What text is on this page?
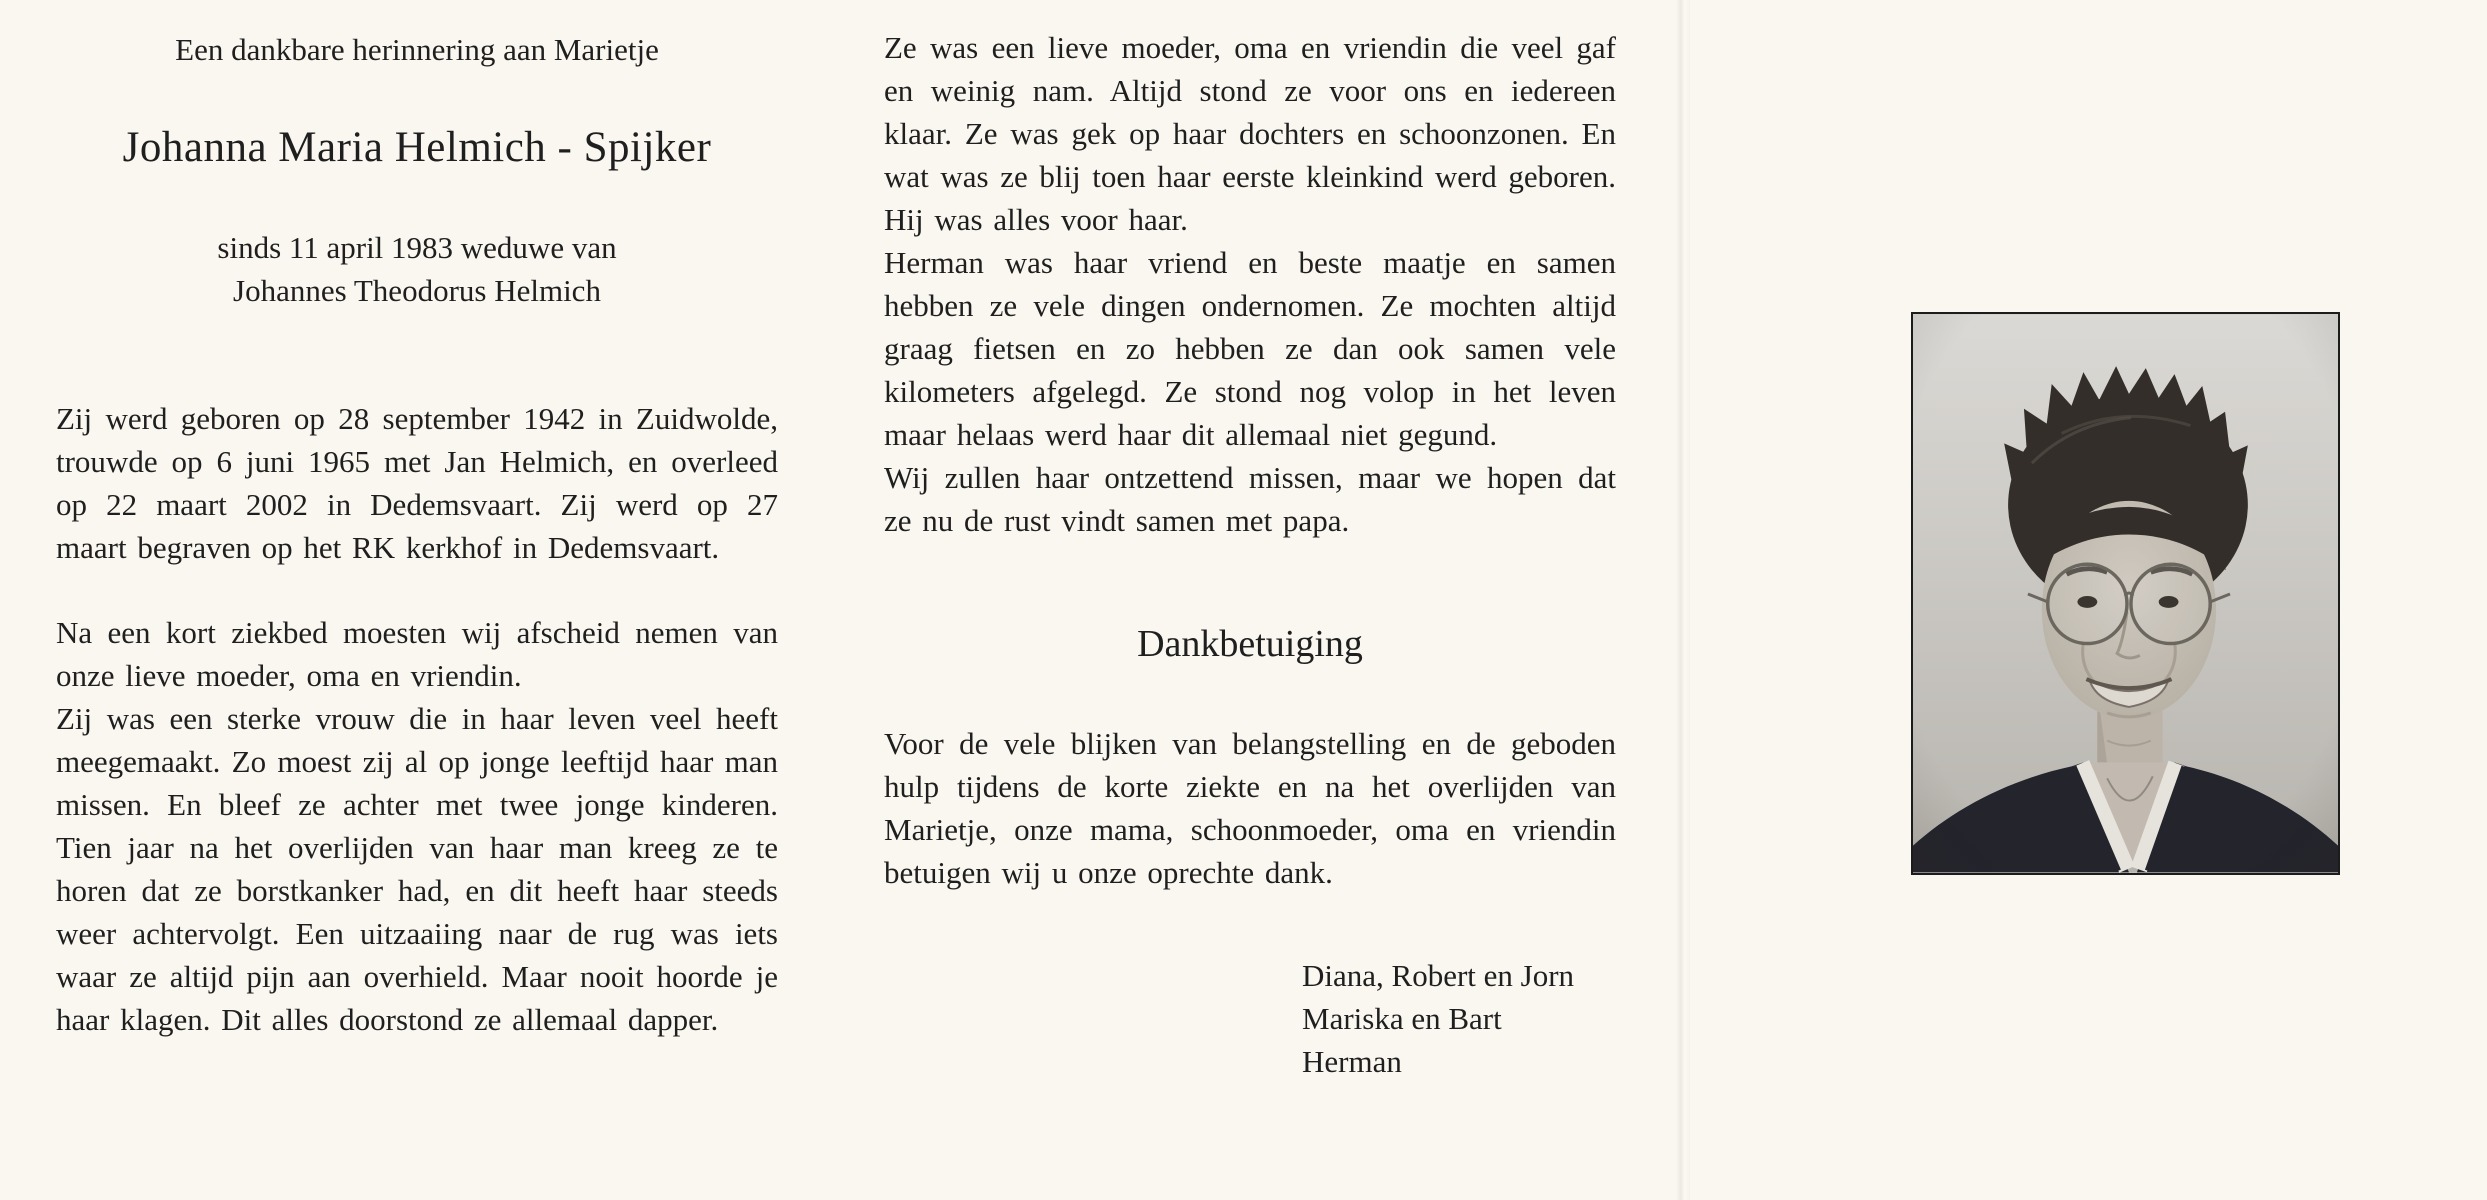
Een dankbare herinnering aan Marietje

Johanna Maria Helmich - Spijker

sinds 11 april 1983 weduwe van
Johannes Theodorus Helmich

Zij werd geboren op 28 september 1942 in Zuidwolde, trouwde op 6 juni 1965 met Jan Helmich, en overleed op 22 maart 2002 in Dedemsvaart. Zij werd op 27 maart begraven op het RK kerkhof in Dedemsvaart.

Na een kort ziekbed moesten wij afscheid nemen van onze lieve moeder, oma en vriendin.

Zij was een sterke vrouw die in haar leven veel heeft meegemaakt. Zo moest zij al op jonge leeftijd haar man missen. En bleef ze achter met twee jonge kinderen. Tien jaar na het overlijden van haar man kreeg ze te horen dat ze borstkanker had, en dit heeft haar steeds weer achtervolgt. Een uitzaaiing naar de rug was iets waar ze altijd pijn aan overhield. Maar nooit hoorde je haar klagen. Dit alles doorstond ze allemaal dapper.

Ze was een lieve moeder, oma en vriendin die veel gaf en weinig nam. Altijd stond ze voor ons en iedereen klaar. Ze was gek op haar dochters en schoonzonen. En wat was ze blij toen haar eerste kleinkind werd geboren. Hij was alles voor haar.

Herman was haar vriend en beste maatje en samen hebben ze vele dingen ondernomen. Ze mochten altijd graag fietsen en zo hebben ze dan ook samen vele kilometers afgelegd. Ze stond nog volop in het leven maar helaas werd haar dit allemaal niet gegund.

Wij zullen haar ontzettend missen, maar we hopen dat ze nu de rust vindt samen met papa.

Dankbetuiging

Voor de vele blijken van belangstelling en de geboden hulp tijdens de korte ziekte en na het overlijden van Marietje, onze mama, schoonmoeder, oma en vriendin betuigen wij u onze oprechte dank.

Diana, Robert en Jorn
Mariska en Bart
Herman
